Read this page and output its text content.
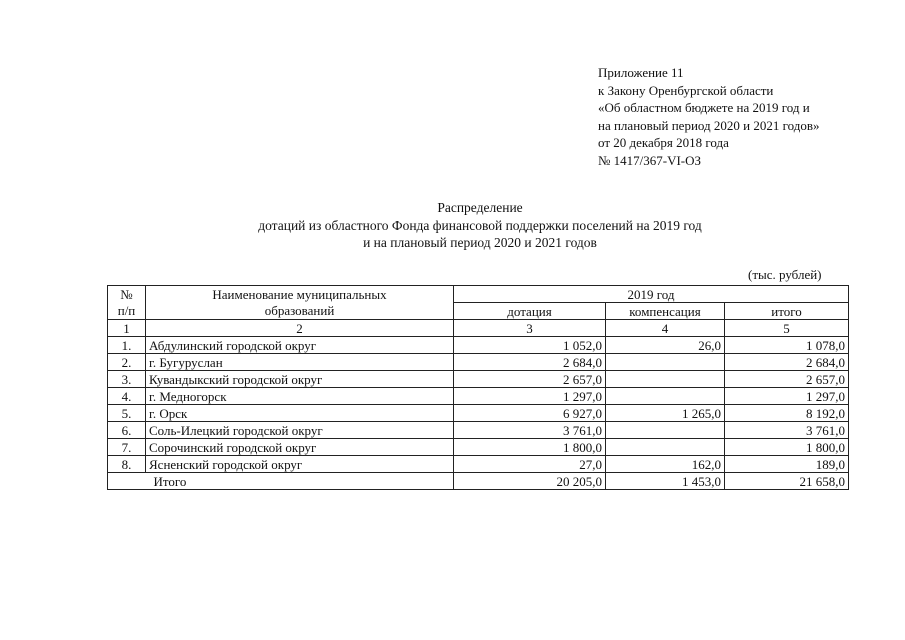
Приложение 11
к Закону Оренбургской области
«Об областном бюджете на 2019 год и
на плановый период 2020 и 2021 годов»
от 20 декабря 2018 года
№ 1417/367-VI-ОЗ
Распределение
дотаций из областного Фонда финансовой поддержки поселений на 2019 год
и на плановый период 2020 и 2021 годов
(тыс. рублей)
№	Наименование муниципальных	2019 год		
п/п	образований	дотация	компенсация	итого
1	2	3	4	5
1.	Абдулинский городской округ	1 052,0	26,0	1 078,0
2.	г. Бугуруслан	2 684,0		2 684,0
3.	Кувандыкский городской округ	2 657,0		2 657,0
4.	г. Медногорск	1 297,0		1 297,0
5.	г. Орск	6 927,0	1 265,0	8 192,0
6.	Соль-Илецкий городской округ	3 761,0		3 761,0
7.	Сорочинский городской округ	1 800,0		1 800,0
8.	Ясненский городской округ	27,0	162,0	189,0
	Итого	20 205,0	1 453,0	21 658,0
